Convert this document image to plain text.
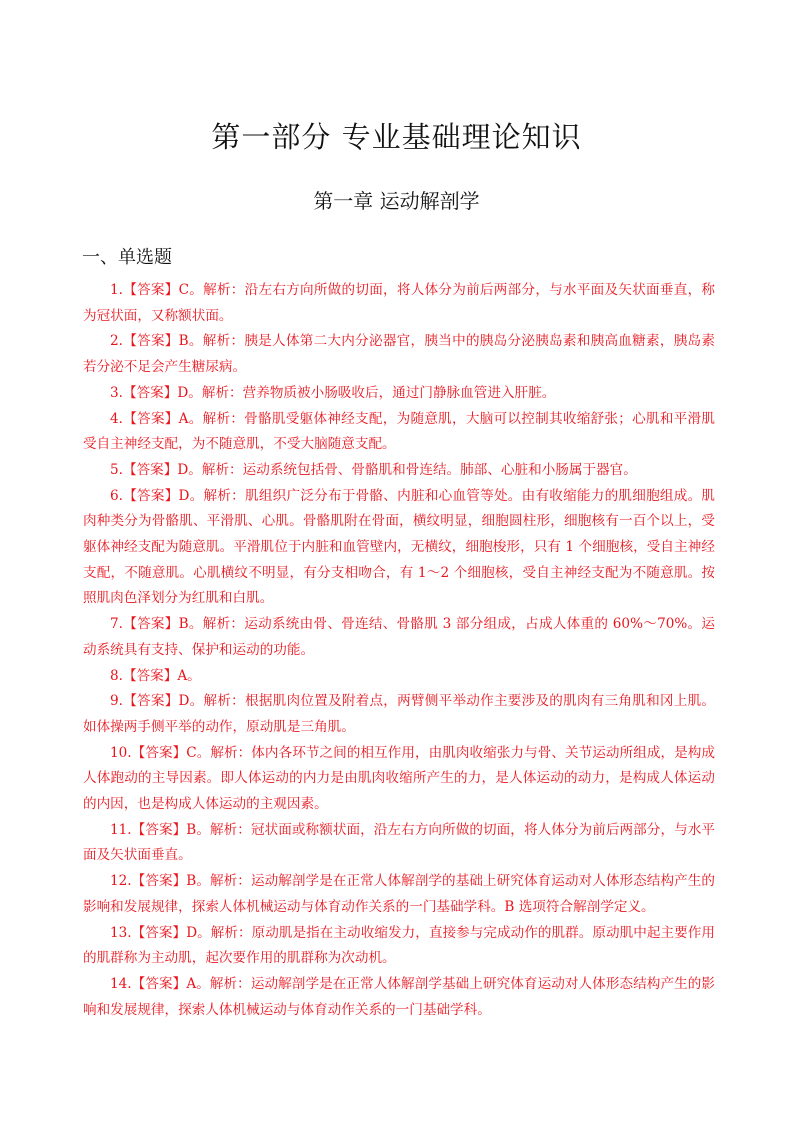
第一部分 专业基础理论知识
第一章 运动解剖学
一、单选题

1.【答案】C。解析：沿左右方向所做的切面，将人体分为前后两部分，与水平面及矢状面垂直，称为冠状面，又称额状面。

2.【答案】B。解析：胰是人体第二大内分泌器官，胰当中的胰岛分泌胰岛素和胰高血糖素，胰岛素若分泌不足会产生糖尿病。

3.【答案】D。解析：营养物质被小肠吸收后，通过门静脉血管进入肝脏。

4.【答案】A。解析：骨骼肌受躯体神经支配，为随意肌，大脑可以控制其收缩舒张；心肌和平滑肌受自主神经支配，为不随意肌，不受大脑随意支配。

5.【答案】D。解析：运动系统包括骨、骨骼肌和骨连结。肺部、心脏和小肠属于器官。

6.【答案】D。解析：肌组织广泛分布于骨骼、内脏和心血管等处。由有收缩能力的肌细胞组成。肌肉种类分为骨骼肌、平滑肌、心肌。骨骼肌附在骨面，横纹明显，细胞圆柱形，细胞核有一百个以上，受躯体神经支配为随意肌。平滑肌位于内脏和血管壁内，无横纹，细胞梭形，只有 1 个细胞核，受自主神经支配，不随意肌。心肌横纹不明显，有分支相吻合，有 1～2 个细胞核，受自主神经支配为不随意肌。按照肌肉色泽划分为红肌和白肌。

7.【答案】B。解析：运动系统由骨、骨连结、骨骼肌 3 部分组成，占成人体重的 60%～70%。运动系统具有支持、保护和运动的功能。

8.【答案】A。

9.【答案】D。解析：根据肌肉位置及附着点，两臂侧平举动作主要涉及的肌肉有三角肌和冈上肌。如体操两手侧平举的动作，原动肌是三角肌。

10.【答案】C。解析：体内各环节之间的相互作用，由肌肉收缩张力与骨、关节运动所组成，是构成人体跑动的主导因素。即人体运动的内力是由肌肉收缩所产生的力，是人体运动的动力，是构成人体运动的内因，也是构成人体运动的主观因素。

11.【答案】B。解析：冠状面或称额状面，沿左右方向所做的切面，将人体分为前后两部分，与水平面及矢状面垂直。

12.【答案】B。解析：运动解剖学是在正常人体解剖学的基础上研究体育运动对人体形态结构产生的影响和发展规律，探索人体机械运动与体育动作关系的一门基础学科。B 选项符合解剖学定义。

13.【答案】D。解析：原动肌是指在主动收缩发力，直接参与完成动作的肌群。原动肌中起主要作用的肌群称为主动肌，起次要作用的肌群称为次动机。

14.【答案】A。解析：运动解剖学是在正常人体解剖学基础上研究体育运动对人体形态结构产生的影响和发展规律，探索人体机械运动与体育动作关系的一门基础学科。
